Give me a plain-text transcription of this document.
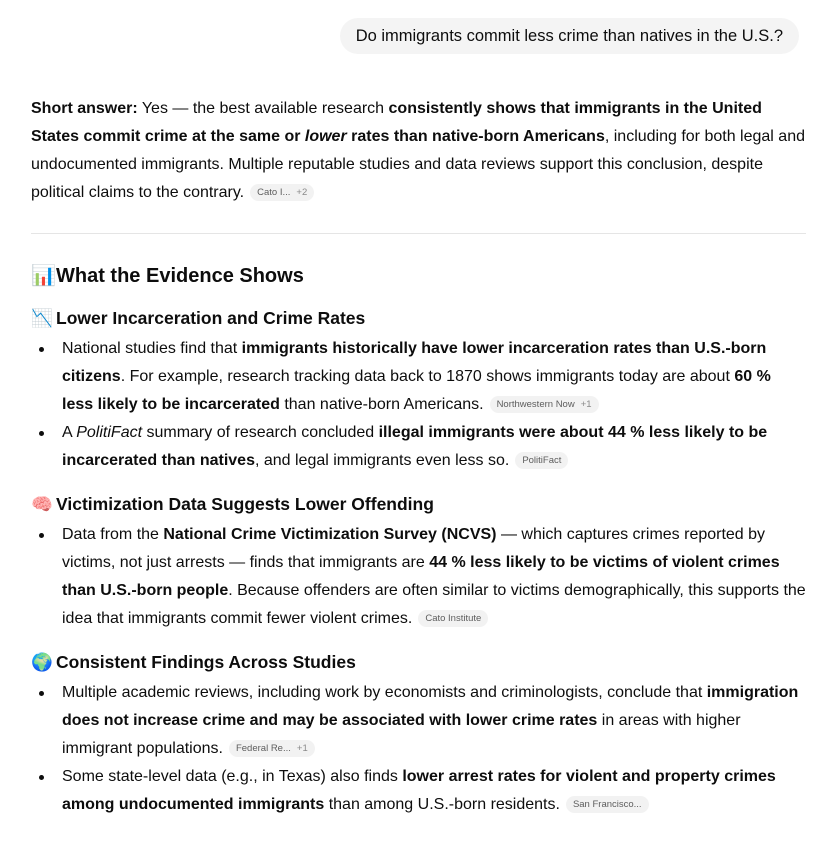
Do immigrants commit less crime than natives in the U.S.?

Short answer: Yes — the best available research consistently shows that immigrants in the United States commit crime at the same or lower rates than native-born Americans, including for both legal and undocumented immigrants. Multiple reputable studies and data reviews support this conclusion, despite political claims to the contrary. Cato I... +2

📊What the Evidence Shows
📉 Lower Incarceration and Crime Rates
National studies find that immigrants historically have lower incarceration rates than U.S.-born citizens. For example, research tracking data back to 1870 shows immigrants today are about 60 % less likely to be incarcerated than native-born Americans. Northwestern Now +1
A PolitiFact summary of research concluded illegal immigrants were about 44 % less likely to be incarcerated than natives, and legal immigrants even less so. PolitiFact
🧠 Victimization Data Suggests Lower Offending
Data from the National Crime Victimization Survey (NCVS) — which captures crimes reported by victims, not just arrests — finds that immigrants are 44 % less likely to be victims of violent crimes than U.S.-born people. Because offenders are often similar to victims demographically, this supports the idea that immigrants commit fewer violent crimes. Cato Institute
🌍 Consistent Findings Across Studies
Multiple academic reviews, including work by economists and criminologists, conclude that immigration does not increase crime and may be associated with lower crime rates in areas with higher immigrant populations. Federal Re... +1
Some state-level data (e.g., in Texas) also finds lower arrest rates for violent and property crimes among undocumented immigrants than among U.S.-born residents. San Francisco...
